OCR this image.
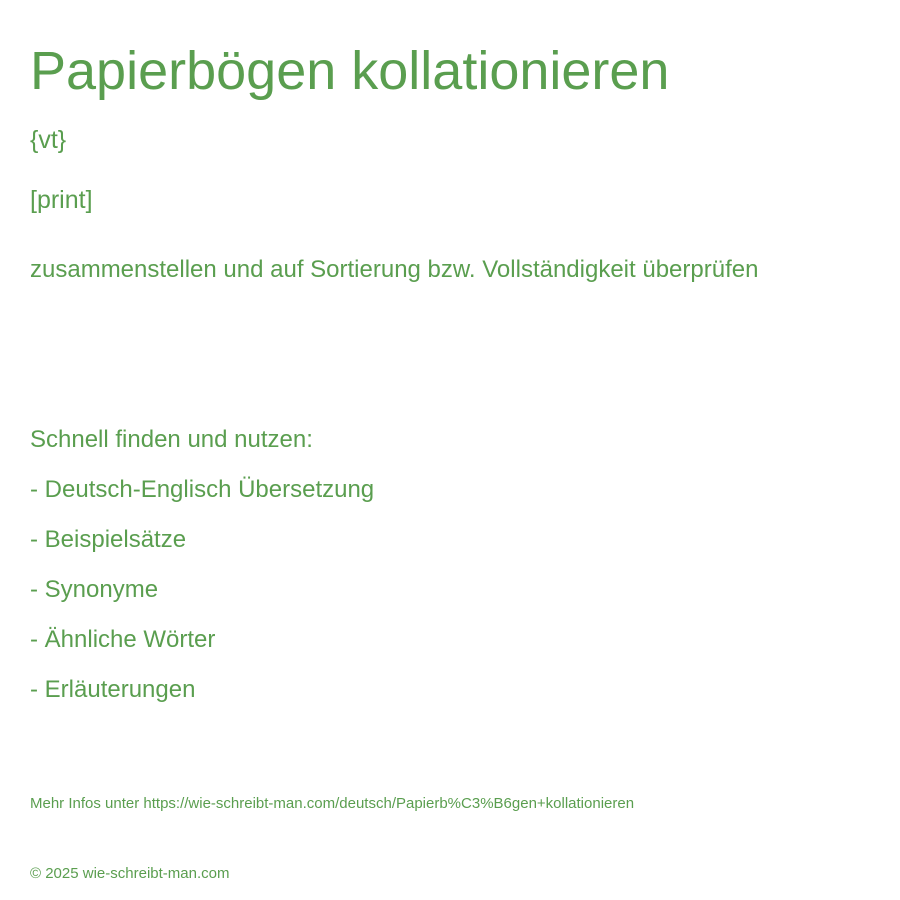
Papierbögen kollationieren
{vt}
[print]
zusammenstellen und auf Sortierung bzw. Vollständigkeit überprüfen
Schnell finden und nutzen:
- Deutsch-Englisch Übersetzung
- Beispielsätze
- Synonyme
- Ähnliche Wörter
- Erläuterungen
Mehr Infos unter https://wie-schreibt-man.com/deutsch/Papierb%C3%B6gen+kollationieren
© 2025 wie-schreibt-man.com
